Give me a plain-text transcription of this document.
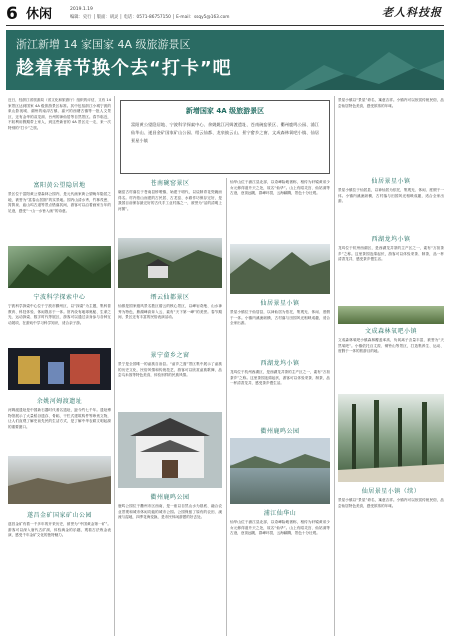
6 休闲	2019.1.19
编辑：史行 │ 版面：胡灵 │ 电话：0571-86757150 │ E-mail：ssqy5@163.com	老人科技报
浙江新增 14 家国家 4A 级旅游景区
趁着春节换个去“打卡”吧
近日，经浙江省旅游局（省文化和旅游厅）组织的评估，又有 14 家景区达到国家 4A 级旅游景区标准。其中包括浙江小城宁波的象山影视城、湖州的南浔古镇、嘉兴的西塘古镇等一批人文景区，还有金华的双龙洞、台州的神仙居等自然景区。春节临近，不妨利用假期带上家人，到这些新晋的 4A 景区走一走，来一次特别的“打卡”之旅。
富阳黄公望隐居地
景区位于富阳黄公望森林公园内，是元代画家黄公望晚年隐居之地，被誉为“富春山居图”的实景地。园内山清水秀，竹林茂密，筲箕泉、庙山坞古道等景点错落其间，游客可以沿着画家当年的足迹，感受“一山一水皆入画”的诗意。
宁波科学探索中心
宁波科学探索中心位于宁波市鄞州区，以“探索”为主题，集科普教育、科技体验、休闲娱乐于一体。馆内设有地球奥秘、生命之光、运动探索、数字时代等展区，游客可以通过亲身参与各种互动展项，在游戏中学习科学知识，适合亲子游。
余姚河姆渡遗址
河姆渡遗址是中国新石器时代著名遗址，距今约七千年。遗址博物馆展示了大量稻谷遗存、骨耜、干栏式建筑构件等珍贵文物，让人们直观了解史前先民的生活方式，是了解中华农耕文明起源的重要窗口。
遂昌金矿国家矿山公园
遂昌金矿有着一千多年的开采历史，被誉为“中国黄金第一矿”。游客可以深入唐代古矿洞，体验淘金的乐趣，观看古法炼金表演，感受千年金矿文化的独特魅力。
新增国家 4A 级旅游景区
富阳黄公望隐居地、宁波科学探索中心、余姚姚江河姆渡遗址、苍南碗窑景区、衢州鹿鸣公园、浦江仙华山、遂昌金矿国家矿山公园、缙云仙都、龙泉披云山、景宁畲乡之窗、文成森林氧吧小镇、仙居景星小镇
苍南碗窑景区
碗窑古村落位于苍南县桥墩镇，始建于明代，以烧制青花瓷碗而得名。村内依山而建的古民居、古龙窑、水碓作坊保存完好，是我国目前保存最完好的古代手工业村落之一，被誉为“活的清明上河图”。
缙云仙都景区
仙都是国家级风景名胜区缙云的核心景区，以峰岩奇绝、山水神秀为特色，鼎湖峰高耸入云，素有“天下第一峰”的美誉。春节期间，景区还有丰富的民俗表演活动。
景宁畲乡之窗
景宁是全国唯一的畲族自治县。“畲乡之窗”景区集中展示了畲族的历史文化、民俗风情和传统技艺，游客可以欣赏畲族歌舞，品尝乌米饭等特色美食，体验别样的民族风情。
衢州鹿鸣公园
鹿鸣公园位于衢州市区西南，是一座以自然山水为基底、融合农业景观和城市休闲功能的城市公园。公园保留了原有的农田、溪流与湿地，四季花海变换，是市民休闲游憩的好去处。
仙华山位于浦江县北部，以奇峰险峻著称，相传为轩辕黄帝少女元修得道升天之处，故名“仙华”。山上有昭灵宫、仙姑洞等古迹，登顶远眺，群峰环拱，云海翻腾，景色十分壮观。
仙居景星小镇
景星小镇位于仙居县，以神仙居为依托，集观光、休闲、度假于一体。小镇内溪流纵横，古村落与田园风光相映成趣，适合全家出游。
西湖龙坞小镇
龙坞位于杭州西湖区，是西湖龙井茶的主产区之一，素有“万担茶乡”之称。这里茶园连绵起伏，游客可以体验采茶、制茶，品一杯清香龙井，感受茶乡慢生活。
衢州鹿鸣公园
浦江仙华山
仙华山位于浦江县北部，以奇峰险峻著称，相传为轩辕黄帝少女元修得道升天之处，故名“仙华”。山上有昭灵宫、仙姑洞等古迹，登顶远眺，群峰环拱，云海翻腾，景色十分壮观。
景星小镇以“景星”命名，寓意吉祥。小镇内可以欣赏传统民俗，品尝仙居特色美食，感受浓浓的年味。
仙居景星小镇
景星小镇位于仙居县，以神仙居为依托，集观光、休闲、度假于一体。小镇内溪流纵横，古村落与田园风光相映成趣，适合全家出游。
西湖龙坞小镇
龙坞位于杭州西湖区，是西湖龙井茶的主产区之一，素有“万担茶乡”之称。这里茶园连绵起伏，游客可以体验采茶、制茶，品一杯清香龙井，感受茶乡慢生活。
文成森林氧吧小镇
文成森林氧吧小镇森林覆盖率高，负氧离子含量丰富，被誉为“天然氧吧”。小镇依托百丈漈、铜铃山等景区，打造集养生、运动、度假于一体的旅游目的地。
仙居景星小镇（续）
景星小镇以“景星”命名，寓意吉祥。小镇内可以欣赏传统民俗，品尝仙居特色美食，感受浓浓的年味。
